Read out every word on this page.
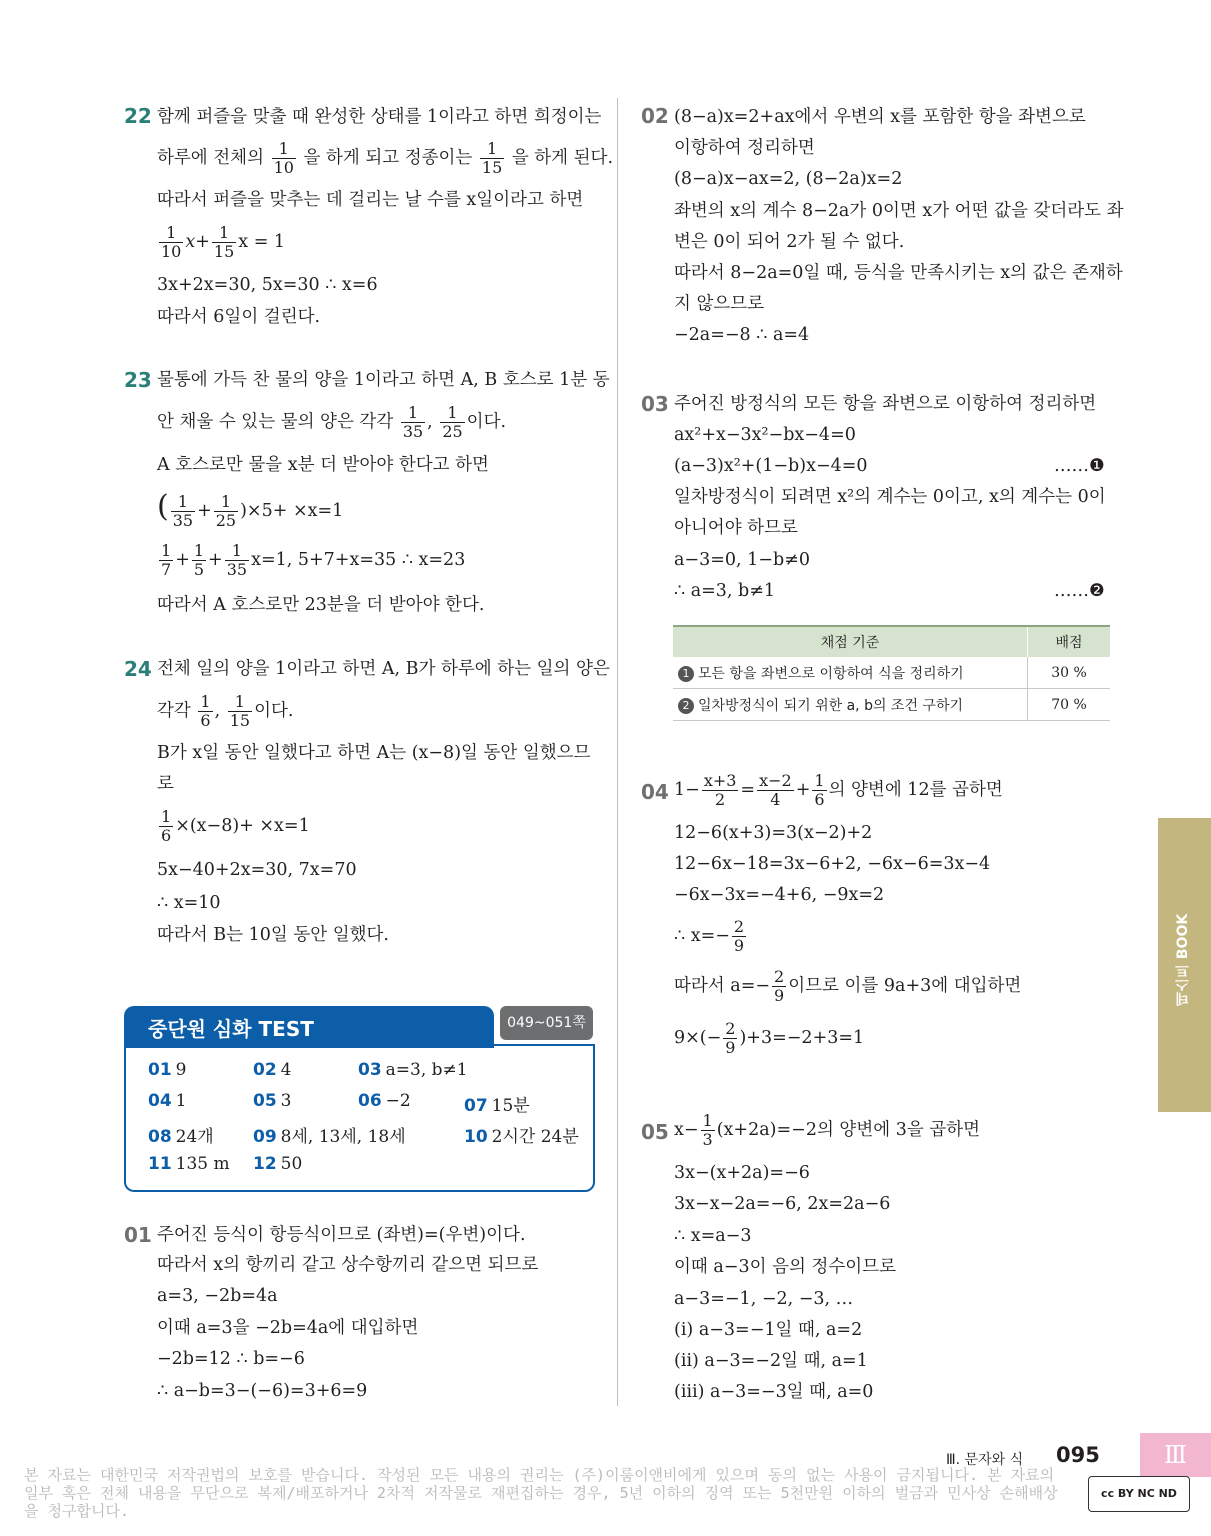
22 함께 퍼즐을 맞출 때 완성한 상태를 1이라고 하면 희정이는
하루에 전체의 $\frac{1}{10}$ 을 하게 되고 정종이는 $\frac{1}{15}$ 을 하게 된다.
따라서 퍼즐을 맞추는 데 걸리는 날 수를 x일이라고 하면
$\frac{1}{10} x+ \frac{1}{15}$ x = 1
3x+2x=30, 5x=30 ∴ x=6
따라서 6일이 걸린다.
23 물통에 가득 찬 물의 양을 1이라고 하면 A, B 호스로 1분 동
안 채울 수 있는 물의 양은 각각 $\frac{1}{35}$ , $\frac{1}{25}$ 이다.
A 호스로만 물을 x분 더 받아야 한다고 하면
( $\frac{1}{35} + \frac{1}{25} )\times 5+ \times x=1$
$\frac{1}{7} + \frac{1}{5} + \frac{1}{35} x=1$, 5+7+x=35 ∴ x=23
따라서 A 호스로만 23분을 더 받아야 한다.
24 전체 일의 양을 1이라고 하면 A, B가 하루에 하는 일의 양은
각각 $\frac{1}{6}$ , $\frac{1}{15}$ 이다.
B가 x일 동안 일했다고 하면 A는 (x−8)일 동안 일했으므
로
$\frac{1}{6} \times(x-8)+ \times x=1$
5x−40+2x=30, 7x=70
∴ x=10
따라서 B는 10일 동안 일했다.
중단원 심화 TEST	049~051쪽
01 9	02 4	03 a=3, b≠1
04 1	05 3	06 −2	07 15분
08 24개 09 8세, 13세, 18세	10 2시간 24분
11 135 m 12 50
01 주어진 등식이 항등식이므로 (좌변)=(우변)이다.
따라서 x의 항끼리 같고 상수항끼리 같으면 되므로
a=3, −2b=4a
이때 a=3을 −2b=4a에 대입하면
−2b=12 ∴ b=−6
∴ a−b=3−(−6)=3+6=9
02 (8−a)x=2+ax에서 우변의 x를 포함한 항을 좌변으로
이항하여 정리하면
(8−a)x−ax=2, (8−2a)x=2
좌변의 x의 계수 8−2a가 0이면 x가 어떤 값을 갖더라도 좌
변은 0이 되어 2가 될 수 없다.
따라서 8−2a=0일 때, 등식을 만족시키는 x의 값은 존재하
지 않으므로
−2a=−8 ∴ a=4
03 주어진 방정식의 모든 항을 좌변으로 이항하여 정리하면
ax²+x−3x²−bx−4=0
(a−3)x²+(1−b)x−4=0	……❶
일차방정식이 되려면 x²의 계수는 0이고, x의 계수는 0이
아니어야 하므로
a−3=0, 1−b≠0
∴ a=3, b≠1	……❷
채점 기준	배점
1 모든 항을 좌변으로 이항하여 식을 정리하기	30 %
2 일차방정식이 되기 위한 a, b의 조건 구하기	70 %
04 $1- \frac{x+3}{2} = \frac{x-2}{4} + \frac{1}{6}$ 의 양변에 12를 곱하면
12−6(x+3)=3(x−2)+2
12−6x−18=3x−6+2, −6x−6=3x−4
−6x−3x=−4+6, −9x=2
∴ $x=- \frac{2}{9}$
따라서 $a=- \frac{2}{9}$ 이므로 이를 9a+3에 대입하면
$9\times(- \frac{2}{9} )+3=-2+3=1$
05 $x- \frac{1}{3} (x+2a)=-2$의 양변에 3을 곱하면
3x−(x+2a)=−6
3x−x−2a=−6, 2x=2a−6
∴ x=a−3
이때 a−3이 음의 정수이므로
a−3=−1, −2, −3, …
(ⅰ) a−3=−1일 때, a=2
(ⅱ) a−3=−2일 때, a=1
(ⅲ) a−3=−3일 때, a=0
테스트 BOOK
Ⅲ. 문자와 식 095	Ⅲ
본 자료는 대한민국 저작권법의 보호를 받습니다. 작성된 모든 내용의 권리는 (주)이룸이앤비에게 있으며 동의 없는 사용이 금지됩니다. 본 자료의 일부 혹은 전체 내용을 무단으로 복제/배포하거나 2차적 저작물로 재편집하는 경우, 5년 이하의 징역 또는 5천만원 이하의 벌금과 민사상 손해배상을 청구합니다.
cc BY NC ND
